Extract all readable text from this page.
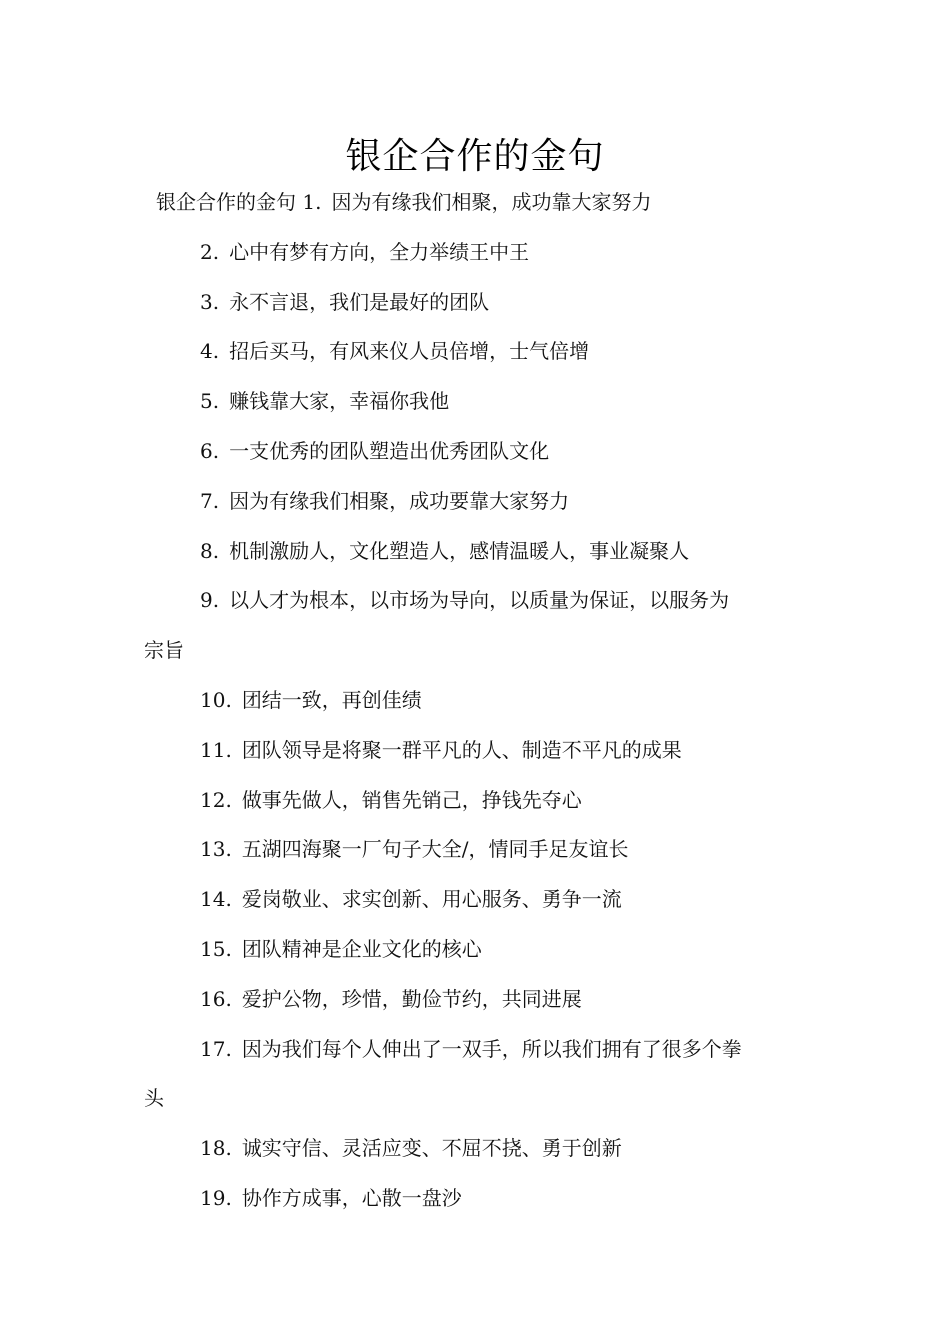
银企合作的金句
银企合作的金句 1. 因为有缘我们相聚，成功靠大家努力
2. 心中有梦有方向，全力举绩王中王
3. 永不言退，我们是最好的团队
4. 招后买马，有风来仪人员倍增，士气倍增
5. 赚钱靠大家，幸福你我他
6. 一支优秀的团队塑造出优秀团队文化
7. 因为有缘我们相聚，成功要靠大家努力
8. 机制激励人，文化塑造人，感情温暖人，事业凝聚人
9. 以人才为根本，以市场为导向，以质量为保证，以服务为
宗旨
10. 团结一致，再创佳绩
11. 团队领导是将聚一群平凡的人、制造不平凡的成果
12. 做事先做人，销售先销己，挣钱先夺心
13. 五湖四海聚一厂句子大全/，情同手足友谊长
14. 爱岗敬业、求实创新、用心服务、勇争一流
15. 团队精神是企业文化的核心
16. 爱护公物，珍惜，勤俭节约，共同进展
17. 因为我们每个人伸出了一双手，所以我们拥有了很多个拳
头
18. 诚实守信、灵活应变、不屈不挠、勇于创新
19. 协作方成事，心散一盘沙
